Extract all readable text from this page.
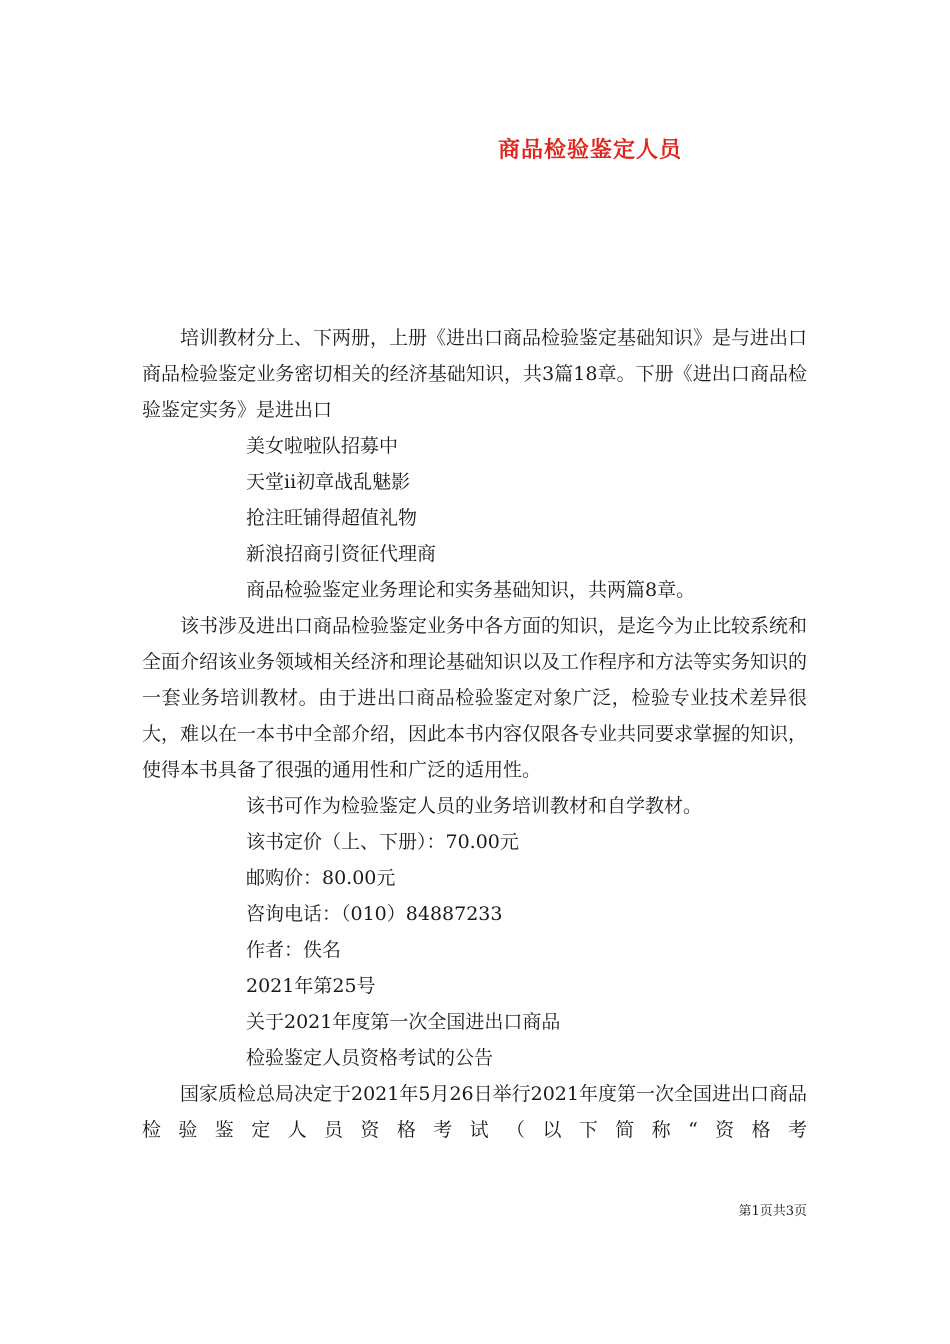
商品检验鉴定人员

培训教材分上、下两册，上册《进出口商品检验鉴定基础知识》是与进出口商品检验鉴定业务密切相关的经济基础知识，共3篇18章。下册《进出口商品检验鉴定实务》是进出口

美女啦啦队招募中

天堂ii初章战乱魅影

抢注旺铺得超值礼物

新浪招商引资征代理商

商品检验鉴定业务理论和实务基础知识，共两篇8章。

该书涉及进出口商品检验鉴定业务中各方面的知识，是迄今为止比较系统和全面介绍该业务领域相关经济和理论基础知识以及工作程序和方法等实务知识的一套业务培训教材。由于进出口商品检验鉴定对象广泛，检验专业技术差异很大，难以在一本书中全部介绍，因此本书内容仅限各专业共同要求掌握的知识，使得本书具备了很强的通用性和广泛的适用性。

该书可作为检验鉴定人员的业务培训教材和自学教材。

该书定价（上、下册）：70.00元

邮购价：80.00元

咨询电话：（010）84887233

作者：佚名

2021年第25号

关于2021年度第一次全国进出口商品

检验鉴定人员资格考试的公告

国家质检总局决定于2021年5月26日举行2021年度第一次全国进出口商品检验鉴定人员资格考试（以下简称“资格考

第1页共3页
